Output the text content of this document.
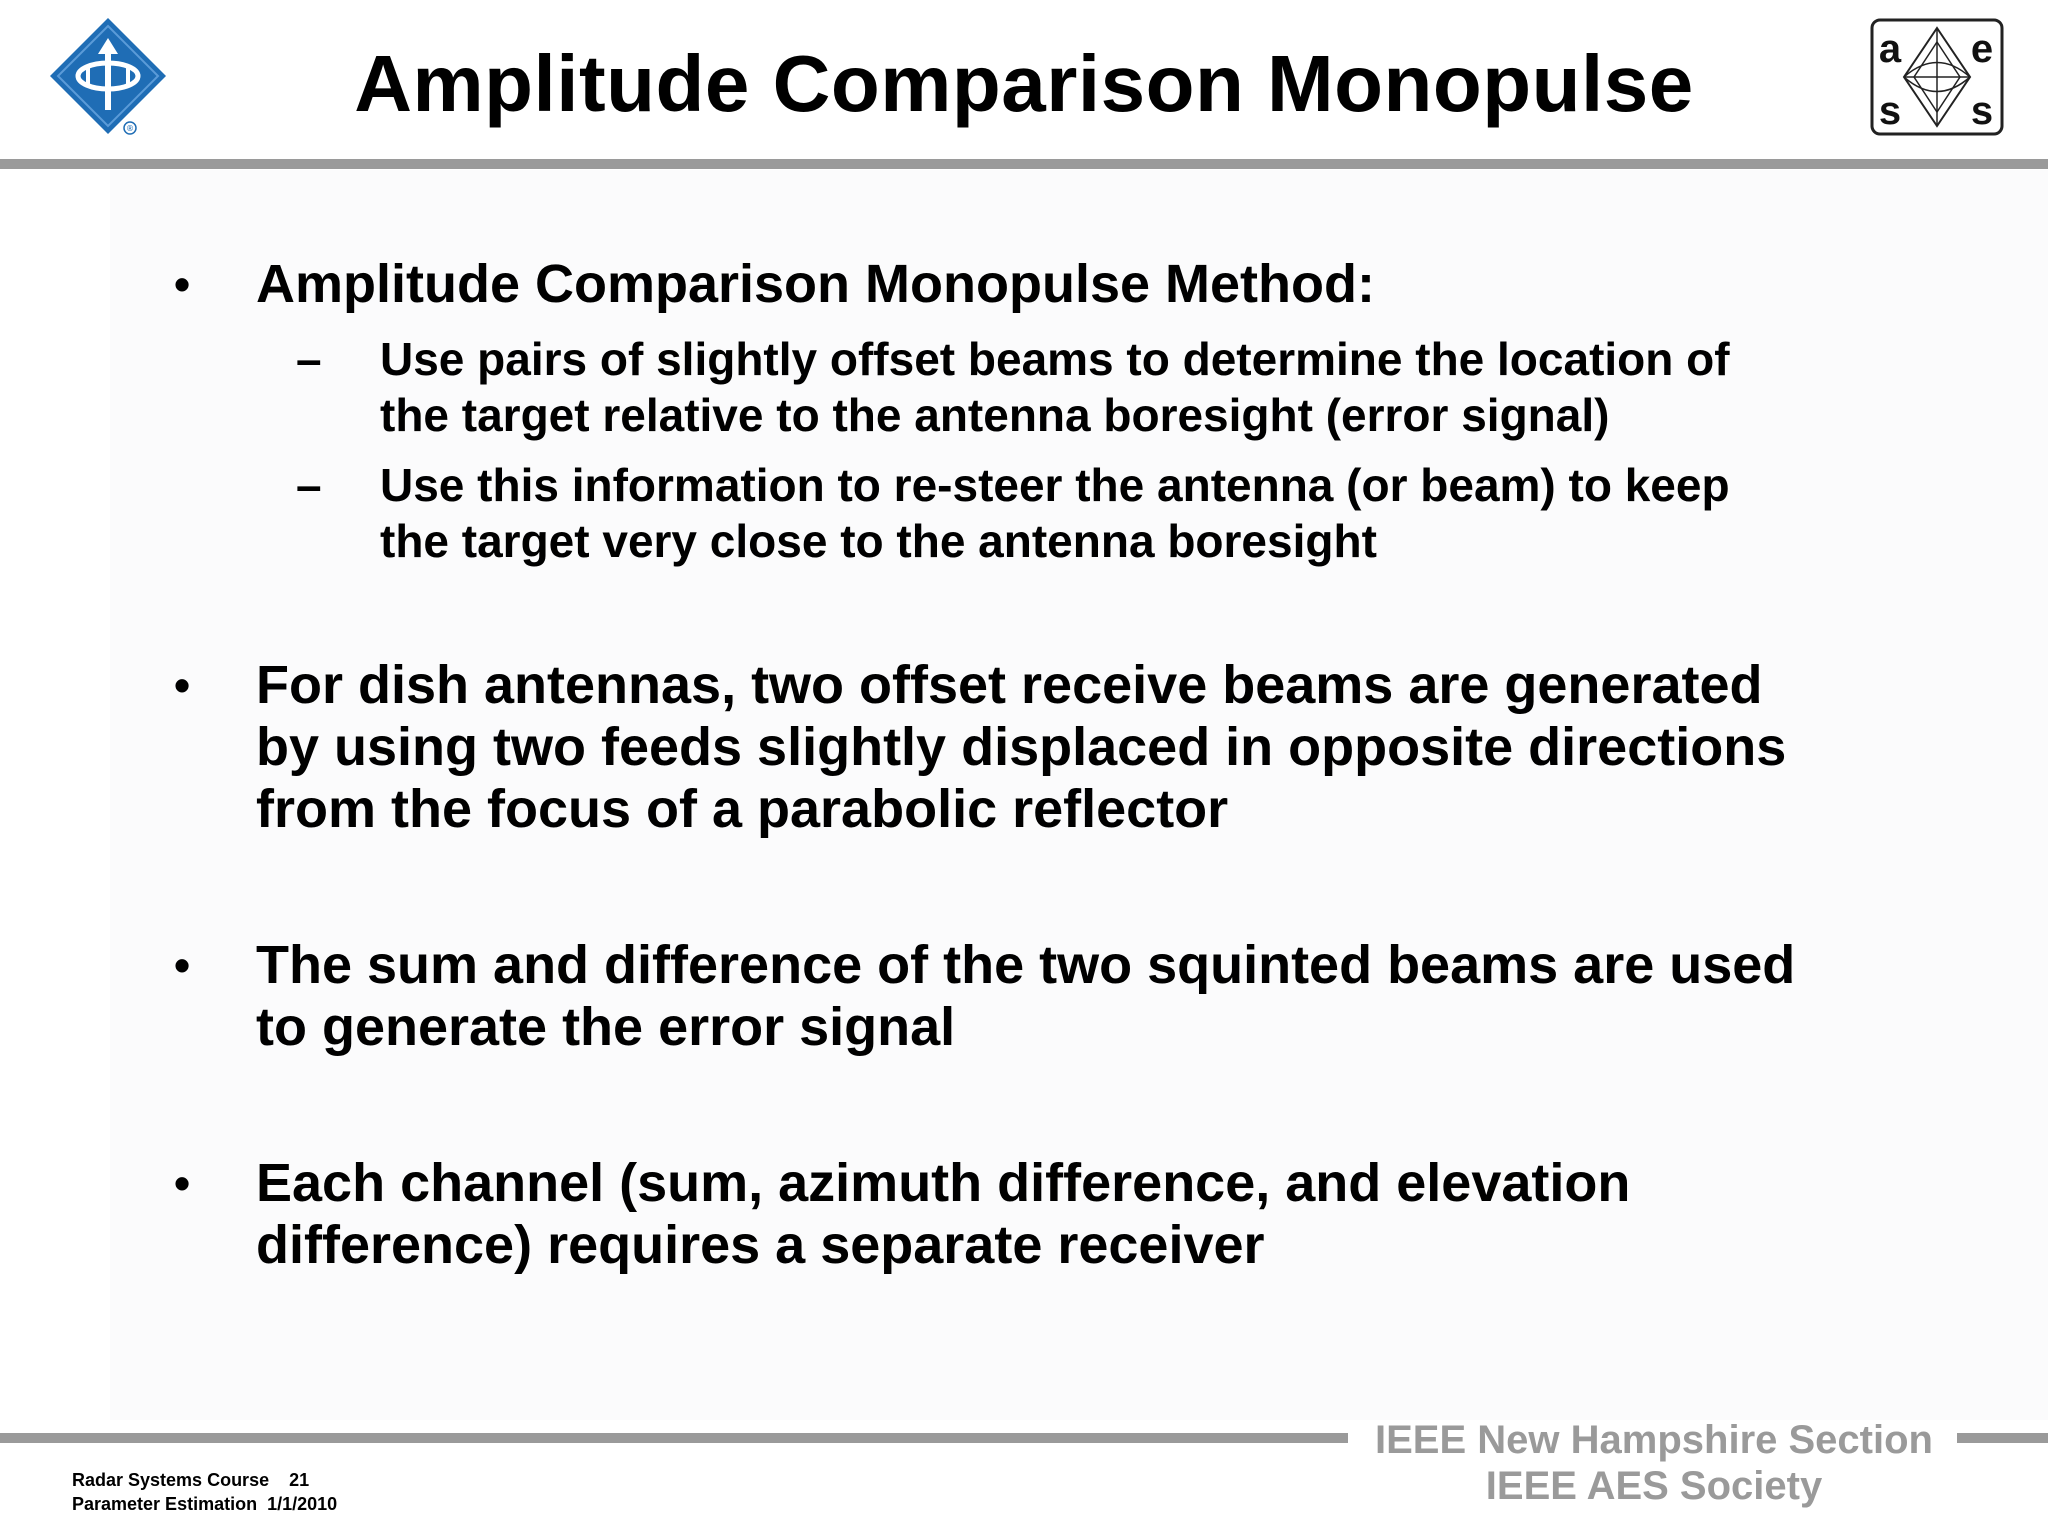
®
Amplitude Comparison Monopulse	a e
s s
• Amplitude Comparison Monopulse Method:
– Use pairs of slightly offset beams to determine the location of
the target relative to the antenna boresight (error signal)
– Use this information to re-steer the antenna (or beam) to keep
the target very close to the antenna boresight
• For dish antennas, two offset receive beams are generated
by using two feeds slightly displaced in opposite directions
from the focus of a parabolic reflector
• The sum and difference of the two squinted beams are used
to generate the error signal
• Each channel (sum, azimuth difference, and elevation
difference) requires a separate receiver
IEEE New Hampshire Section
IEEE AES Society
Radar Systems Course 21
Parameter Estimation 1/1/2010
